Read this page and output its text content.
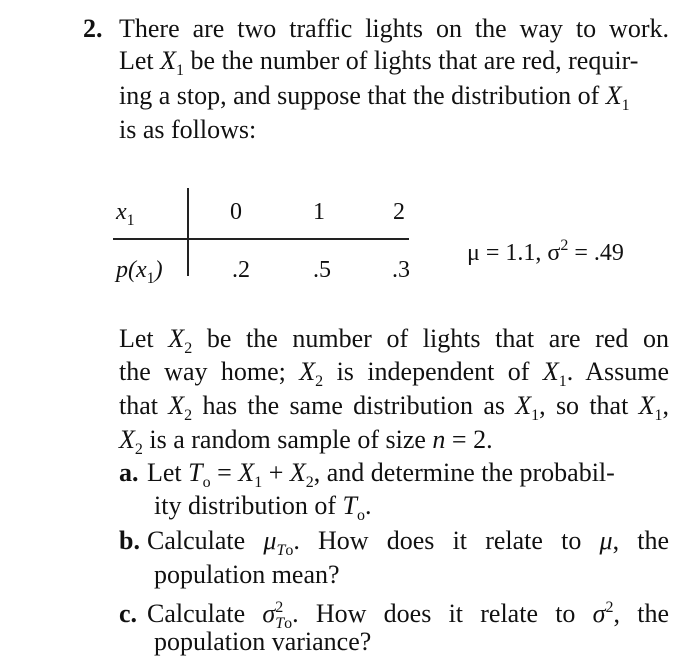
2. There are two traffic lights on the way to work.
Let $X_1$ be the number of lights that are red, requir-
ing a stop, and suppose that the distribution of $X_1$
is as follows:
$x_1$	0	1	2
$p(x_1)$	.2	.5	.3
μ = 1.1, $\sigma^2 = .49$
Let $X_2$ be the number of lights that are red on
the way home; $X_2$ is independent of $X_1$. Assume
that $X_2$ has the same distribution as $X_1$, so that $X_1$,
$X_2$ is a random sample of size n = 2.
a. Let $T_o = X_1 + X_2$, and determine the probabil-
ity distribution of $T_o$.
b. Calculate $\mu_{To}$. How does it relate to μ, the
population mean?
c. Calculate $\sigma^2_{To}$. How does it relate to $\sigma^2$, the
population variance?
